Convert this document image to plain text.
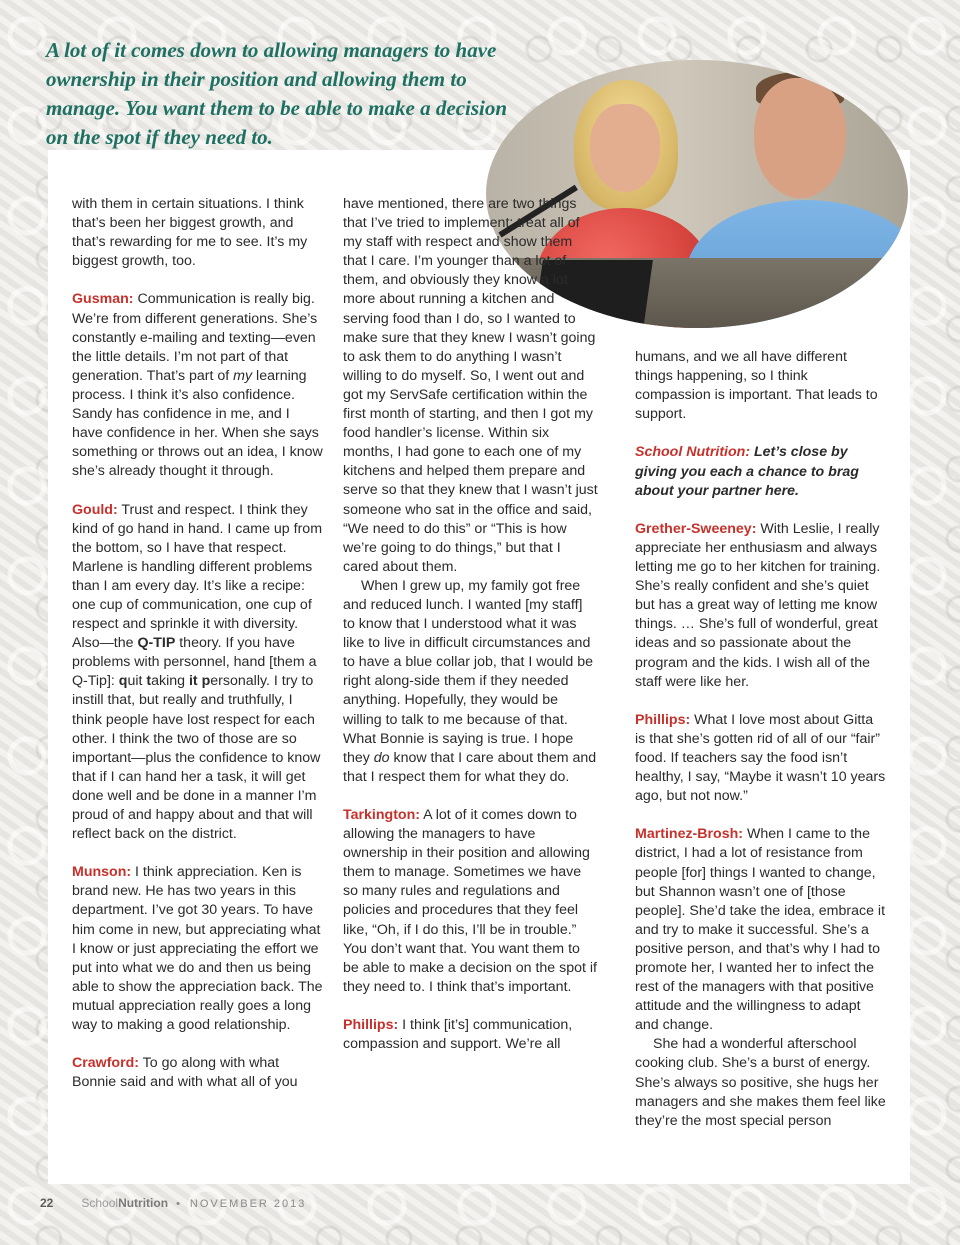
A lot of it comes down to allowing managers to have ownership in their position and allowing them to manage. You want them to be able to make a decision on the spot if they need to.

with them in certain situations. I think that’s been her biggest growth, and that’s rewarding for me to see. It’s my biggest growth, too.

Gusman: Communication is really big. We’re from different generations. She’s constantly e-mailing and texting—even the little details. I’m not part of that generation. That’s part of my learning process. I think it’s also confidence. Sandy has confidence in me, and I have confidence in her. When she says something or throws out an idea, I know she’s already thought it through.

Gould: Trust and respect. I think they kind of go hand in hand. I came up from the bottom, so I have that respect. Marlene is handling different problems than I am every day. It’s like a recipe: one cup of communication, one cup of respect and sprinkle it with diversity. Also—the Q-TIP theory. If you have problems with personnel, hand [them a Q-Tip]: quit taking it personally. I try to instill that, but really and truthfully, I think people have lost respect for each other. I think the two of those are so important—plus the confidence to know that if I can hand her a task, it will get done well and be done in a manner I’m proud of and happy about and that will reflect back on the district.

Munson: I think appreciation. Ken is brand new. He has two years in this department. I’ve got 30 years. To have him come in new, but appreciating what I know or just appreciating the effort we put into what we do and then us being able to show the appreciation back. The mutual appreciation really goes a long way to making a good relationship.

Crawford: To go along with what Bonnie said and with what all of you

have mentioned, there are two things that I’ve tried to implement: treat all of my staff with respect and show them that I care. I’m younger than a lot of them, and obviously they know a lot more about running a kitchen and serving food than I do, so I wanted to make sure that they knew I wasn’t going to ask them to do anything I wasn’t willing to do myself. So, I went out and got my ServSafe certification within the first month of starting, and then I got my food handler’s license. Within six months, I had gone to each one of my kitchens and helped them prepare and serve so that they knew that I wasn’t just someone who sat in the office and said, “We need to do this” or “This is how we’re going to do things,” but that I cared about them.

When I grew up, my family got free and reduced lunch. I wanted [my staff] to know that I understood what it was like to live in difficult circumstances and to have a blue collar job, that I would be right along-side them if they needed anything. Hopefully, they would be willing to talk to me because of that. What Bonnie is saying is true. I hope they do know that I care about them and that I respect them for what they do.

Tarkington: A lot of it comes down to allowing the managers to have ownership in their position and allowing them to manage. Sometimes we have so many rules and regulations and policies and procedures that they feel like, “Oh, if I do this, I’ll be in trouble.” You don’t want that. You want them to be able to make a decision on the spot if they need to. I think that’s important.

Phillips: I think [it’s] communication, compassion and support. We’re all

humans, and we all have different things happening, so I think compassion is important. That leads to support.

School Nutrition: Let’s close by giving you each a chance to brag about your partner here.

Grether-Sweeney: With Leslie, I really appreciate her enthusiasm and always letting me go to her kitchen for training. She’s really confident and she’s quiet but has a great way of letting me know things. … She’s full of wonderful, great ideas and so passionate about the program and the kids. I wish all of the staff were like her.

Phillips: What I love most about Gitta is that she’s gotten rid of all of our “fair” food. If teachers say the food isn’t healthy, I say, “Maybe it wasn’t 10 years ago, but not now.”

Martinez-Brosh: When I came to the district, I had a lot of resistance from people [for] things I wanted to change, but Shannon wasn’t one of [those people]. She’d take the idea, embrace it and try to make it successful. She’s a positive person, and that’s why I had to promote her, I wanted her to infect the rest of the managers with that positive attitude and the willingness to adapt and change.

She had a wonderful afterschool cooking club. She’s a burst of energy. She’s always so positive, she hugs her managers and she makes them feel like they’re the most special person

22 SchoolNutrition • NOVEMBER 2013
